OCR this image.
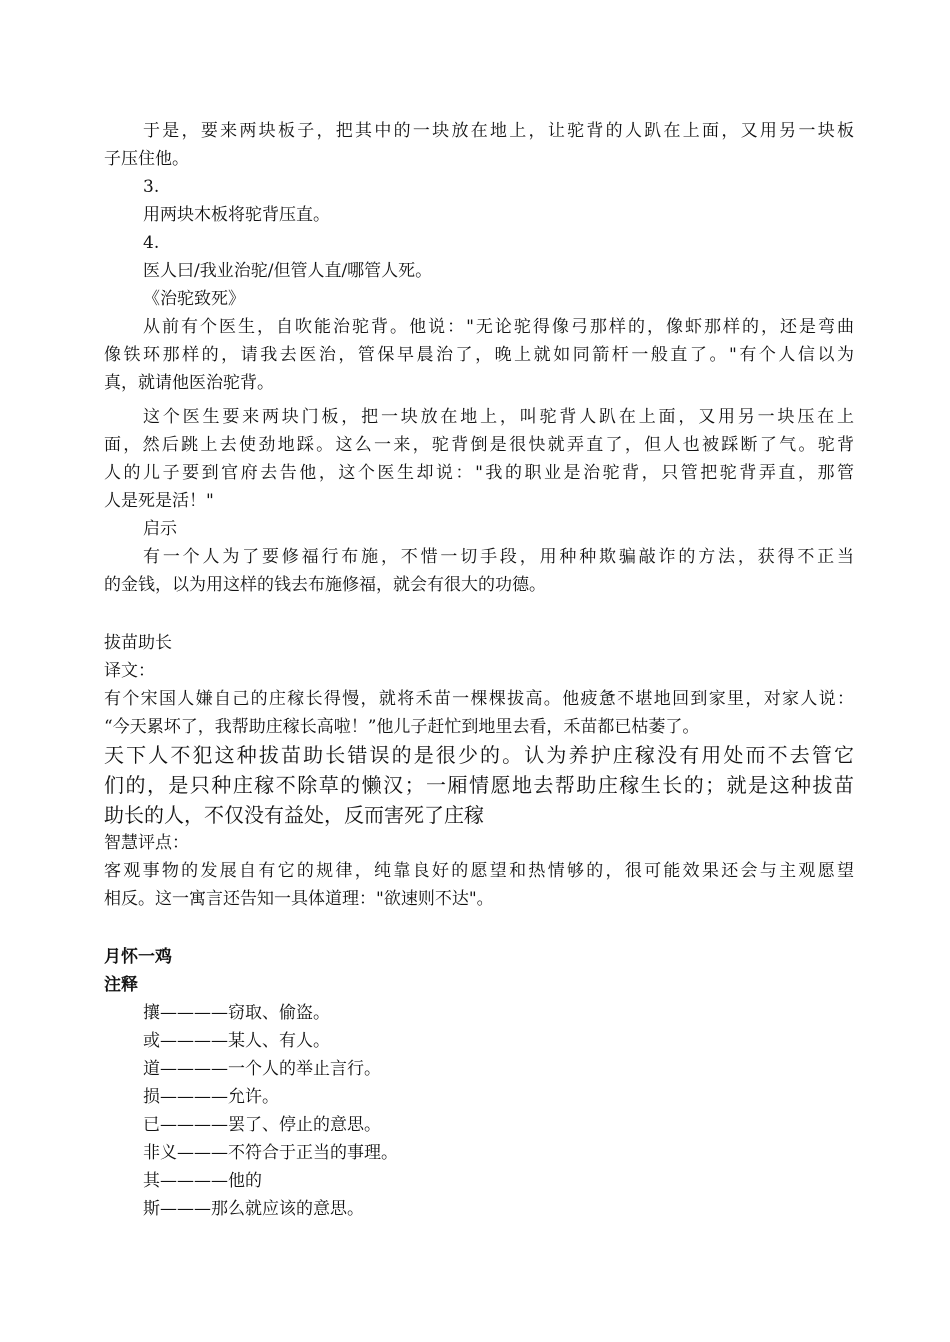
于是，要来两块板子，把其中的一块放在地上，让驼背的人趴在上面，又用另一块板
子压住他。
3.
用两块木板将驼背压直。
4.
医人曰/我业治驼/但管人直/哪管人死。
《治驼致死》
从前有个医生，自吹能治驼背。他说："无论驼得像弓那样的，像虾那样的，还是弯曲
像铁环那样的，请我去医治，管保早晨治了，晚上就如同箭杆一般直了。"有个人信以为
真，就请他医治驼背。
这个医生要来两块门板，把一块放在地上，叫驼背人趴在上面，又用另一块压在上
面，然后跳上去使劲地踩。这么一来，驼背倒是很快就弄直了，但人也被踩断了气。驼背
人的儿子要到官府去告他，这个医生却说："我的职业是治驼背，只管把驼背弄直，那管
人是死是活！"
启示
有一个人为了要修福行布施，不惜一切手段，用种种欺骗敲诈的方法，获得不正当
的金钱，以为用这样的钱去布施修福，就会有很大的功德。
拔苗助长
译文：
有个宋国人嫌自己的庄稼长得慢，就将禾苗一棵棵拔高。他疲惫不堪地回到家里，对家人说：
“今天累坏了，我帮助庄稼长高啦！”他儿子赶忙到地里去看，禾苗都已枯萎了。
天下人不犯这种拔苗助长错误的是很少的。认为养护庄稼没有用处而不去管它
们的，是只种庄稼不除草的懒汉；一厢情愿地去帮助庄稼生长的；就是这种拔苗
助长的人，不仅没有益处，反而害死了庄稼
智慧评点：
客观事物的发展自有它的规律，纯靠良好的愿望和热情够的，很可能效果还会与主观愿望
相反。这一寓言还告知一具体道理："欲速则不达"。
月怀一鸡
注释
攘————窃取、偷盗。
或————某人、有人。
道————一个人的举止言行。
损————允许。
已————罢了、停止的意思。
非义———不符合于正当的事理。
其————他的
斯———那么就应该的意思。
